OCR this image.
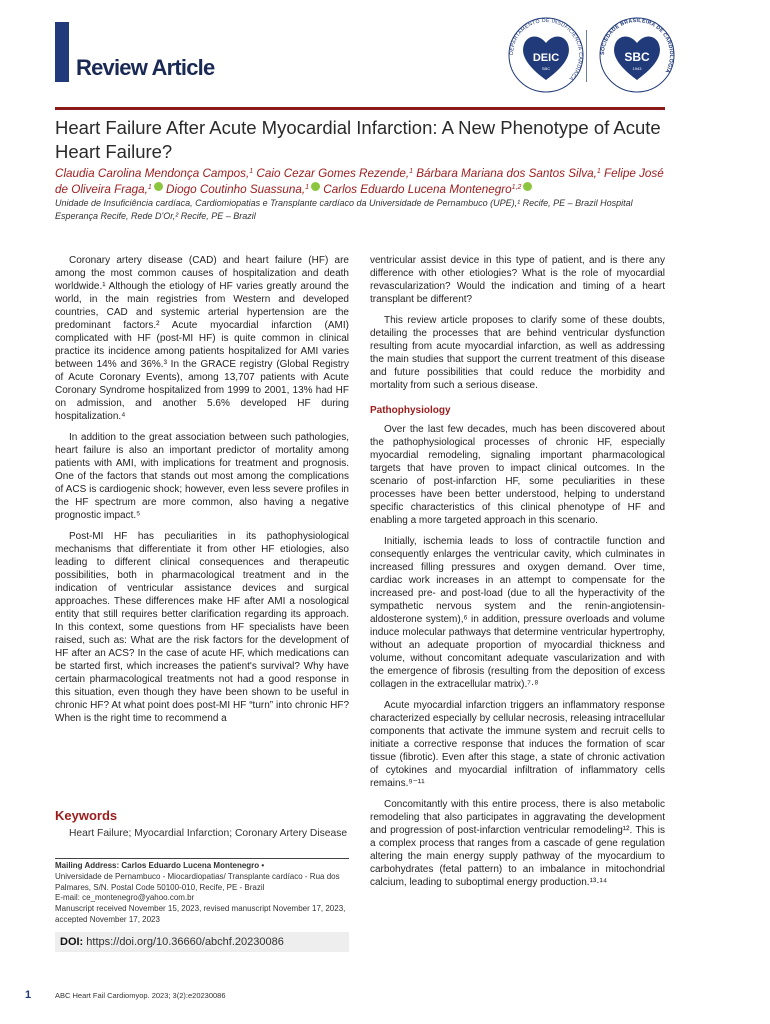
Review Article
DEPARTAMENTO DE INSUFICIÊNCIA CARDÍACA
DEIC
SBC
SOCIEDADE BRASILEIRA DE CARDIOLOGIA
SBC
1943
Heart Failure After Acute Myocardial Infarction: A New Phenotype of Acute Heart Failure?
Claudia Carolina Mendonça Campos,$^1$ Caio Cezar Gomes Rezende,$^1$ Bárbara Mariana dos Santos Silva,$^1$ Felipe José de Oliveira Fraga,$^1$ Diogo Coutinho Suassuna,$^1$ Carlos Eduardo Lucena Montenegro$^{1,2}$
Unidade de Insuficiência cardíaca, Cardiomiopatias e Transplante cardíaco da Universidade de Pernambuco (UPE),¹ Recife, PE – Brazil Hospital Esperança Recife, Rede D'Or,² Recife, PE – Brazil

Coronary artery disease (CAD) and heart failure (HF) are among the most common causes of hospitalization and death worldwide.¹ Although the etiology of HF varies greatly around the world, in the main registries from Western and developed countries, CAD and systemic arterial hypertension are the predominant factors.² Acute myocardial infarction (AMI) complicated with HF (post-MI HF) is quite common in clinical practice its incidence among patients hospitalized for AMI varies between 14% and 36%.³ In the GRACE registry (Global Registry of Acute Coronary Events), among 13,707 patients with Acute Coronary Syndrome hospitalized from 1999 to 2001, 13% had HF on admission, and another 5.6% developed HF during hospitalization.⁴

In addition to the great association between such pathologies, heart failure is also an important predictor of mortality among patients with AMI, with implications for treatment and prognosis. One of the factors that stands out most among the complications of ACS is cardiogenic shock; however, even less severe profiles in the HF spectrum are more common, also having a negative prognostic impact.⁵

Post-MI HF has peculiarities in its pathophysiological mechanisms that differentiate it from other HF etiologies, also leading to different clinical consequences and therapeutic possibilities, both in pharmacological treatment and in the indication of ventricular assistance devices and surgical approaches. These differences make HF after AMI a nosological entity that still requires better clarification regarding its approach. In this context, some questions from HF specialists have been raised, such as: What are the risk factors for the development of HF after an ACS? In the case of acute HF, which medications can be started first, which increases the patient's survival? Why have certain pharmacological treatments not had a good response in this situation, even though they have been shown to be useful in chronic HF? At what point does post-MI HF “turn” into chronic HF? When is the right time to recommend a

ventricular assist device in this type of patient, and is there any difference with other etiologies? What is the role of myocardial revascularization? Would the indication and timing of a heart transplant be different?

This review article proposes to clarify some of these doubts, detailing the processes that are behind ventricular dysfunction resulting from acute myocardial infarction, as well as addressing the main studies that support the current treatment of this disease and future possibilities that could reduce the morbidity and mortality from such a serious disease.

Pathophysiology

Over the last few decades, much has been discovered about the pathophysiological processes of chronic HF, especially myocardial remodeling, signaling important pharmacological targets that have proven to impact clinical outcomes. In the scenario of post-infarction HF, some peculiarities in these processes have been better understood, helping to understand specific characteristics of this clinical phenotype of HF and enabling a more targeted approach in this scenario.

Initially, ischemia leads to loss of contractile function and consequently enlarges the ventricular cavity, which culminates in increased filling pressures and oxygen demand. Over time, cardiac work increases in an attempt to compensate for the increased pre- and post-load (due to all the hyperactivity of the sympathetic nervous system and the renin-angiotensin-aldosterone system),⁶ in addition, pressure overloads and volume induce molecular pathways that determine ventricular hypertrophy, without an adequate proportion of myocardial thickness and volume, without concomitant adequate vascularization and with the emergence of fibrosis (resulting from the deposition of excess collagen in the extracellular matrix).⁷·⁸

Acute myocardial infarction triggers an inflammatory response characterized especially by cellular necrosis, releasing intracellular components that activate the immune system and recruit cells to initiate a corrective response that induces the formation of scar tissue (fibrotic). Even after this stage, a state of chronic activation of cytokines and myocardial infiltration of inflammatory cells remains.⁹⁻¹¹

Concomitantly with this entire process, there is also metabolic remodeling that also participates in aggravating the development and progression of post-infarction ventricular remodeling¹². This is a complex process that ranges from a cascade of gene regulation altering the main energy supply pathway of the myocardium to carbohydrates (fetal pattern) to an imbalance in mitochondrial calcium, leading to suboptimal energy production.¹³·¹⁴

Keywords
Heart Failure; Myocardial Infarction; Coronary Artery Disease
Mailing Address: Carlos Eduardo Lucena Montenegro •
Universidade de Pernambuco - Miocardiopatias/ Transplante cardíaco - Rua dos Palmares, S/N. Postal Code 50100-010, Recife, PE - Brazil
E-mail: ce_montenegro@yahoo.com.br
Manuscript received November 15, 2023, revised manuscript November 17, 2023, accepted November 17, 2023
DOI: https://doi.org/10.36660/abchf.20230086
1	ABC Heart Fail Cardiomyop. 2023; 3(2):e20230086
